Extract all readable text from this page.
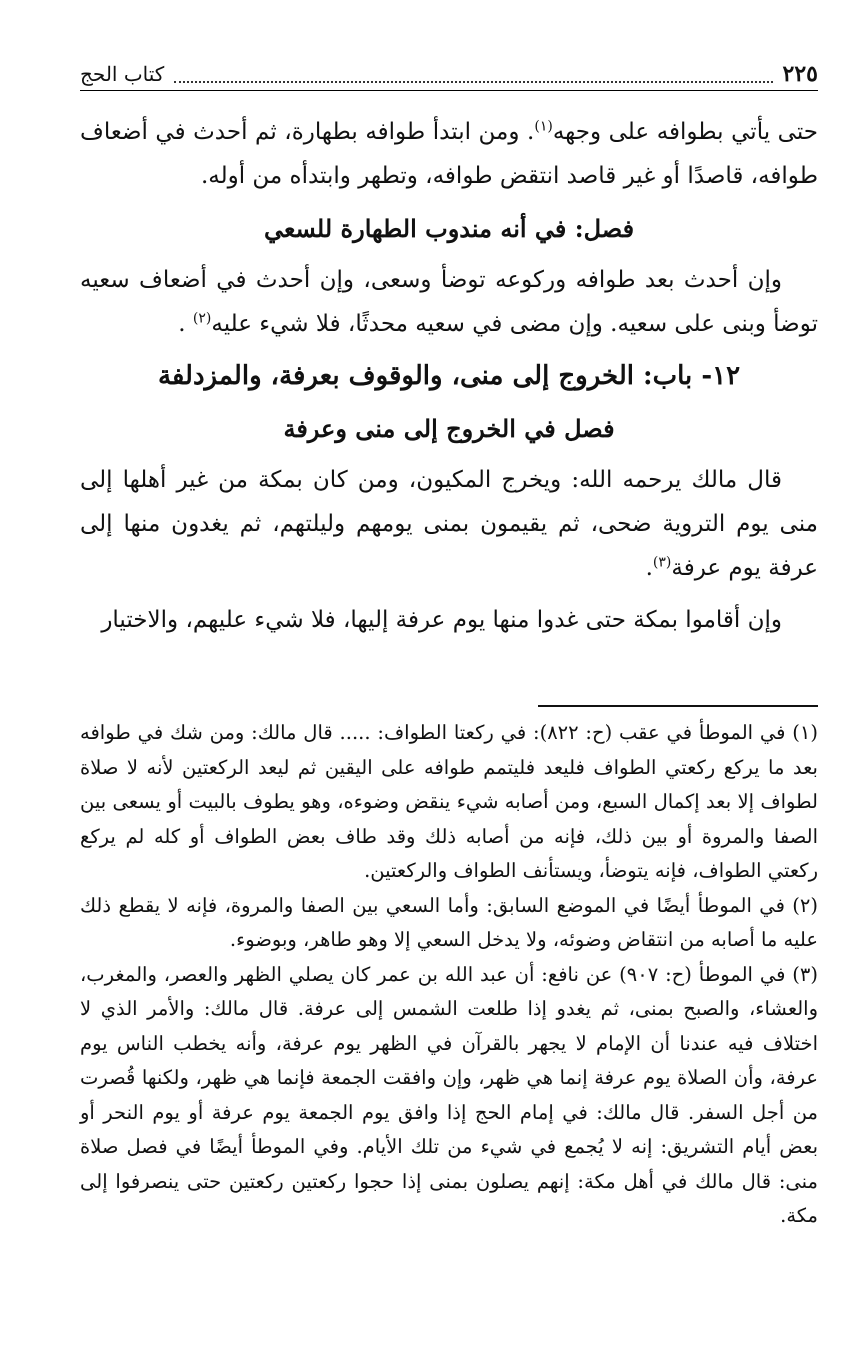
٢٢٥
كتاب الحج

حتى يأتي بطوافه على وجهه$^{(١)}$. ومن ابتدأ طوافه بطهارة، ثم أحدث في أضعاف طوافه، قاصدًا أو غير قاصد انتقض طوافه، وتطهر وابتدأه من أوله.

فصل: في أنه مندوب الطهارة للسعي

وإن أحدث بعد طوافه وركوعه توضأ وسعى، وإن أحدث في أضعاف سعيه توضأ وبنى على سعيه. وإن مضى في سعيه محدثًا، فلا شيء عليه$^{(٢)}$ .

١٢- باب: الخروج إلى منى، والوقوف بعرفة، والمزدلفة
فصل في الخروج إلى منى وعرفة

قال مالك يرحمه الله: ويخرج المكيون، ومن كان بمكة من غير أهلها إلى منى يوم التروية ضحى، ثم يقيمون بمنى يومهم وليلتهم، ثم يغدون منها إلى عرفة يوم عرفة$^{(٣)}$.

وإن أقاموا بمكة حتى غدوا منها يوم عرفة إليها، فلا شيء عليهم، والاختيار

(١) في الموطأ في عقب (ح: ٨٢٢): في ركعتا الطواف: ..... قال مالك: ومن شك في طوافه بعد ما يركع ركعتي الطواف فليعد فليتمم طوافه على اليقين ثم ليعد الركعتين لأنه لا صلاة لطواف إلا بعد إكمال السبع، ومن أصابه شيء ينقض وضوءه، وهو يطوف بالبيت أو يسعى بين الصفا والمروة أو بين ذلك، فإنه من أصابه ذلك وقد طاف بعض الطواف أو كله لم يركع ركعتي الطواف، فإنه يتوضأ، ويستأنف الطواف والركعتين.

(٢) في الموطأ أيضًا في الموضع السابق: وأما السعي بين الصفا والمروة، فإنه لا يقطع ذلك عليه ما أصابه من انتقاض وضوئه، ولا يدخل السعي إلا وهو طاهر، وبوضوء.

(٣) في الموطأ (ح: ٩٠٧) عن نافع: أن عبد الله بن عمر كان يصلي الظهر والعصر، والمغرب، والعشاء، والصبح بمنى، ثم يغدو إذا طلعت الشمس إلى عرفة. قال مالك: والأمر الذي لا اختلاف فيه عندنا أن الإمام لا يجهر بالقرآن في الظهر يوم عرفة، وأنه يخطب الناس يوم عرفة، وأن الصلاة يوم عرفة إنما هي ظهر، وإن وافقت الجمعة فإنما هي ظهر، ولكنها قُصرت من أجل السفر. قال مالك: في إمام الحج إذا وافق يوم الجمعة يوم عرفة أو يوم النحر أو بعض أيام التشريق: إنه لا يُجمع في شيء من تلك الأيام. وفي الموطأ أيضًا في فصل صلاة منى: قال مالك في أهل مكة: إنهم يصلون بمنى إذا حجوا ركعتين ركعتين حتى ينصرفوا إلى مكة.
